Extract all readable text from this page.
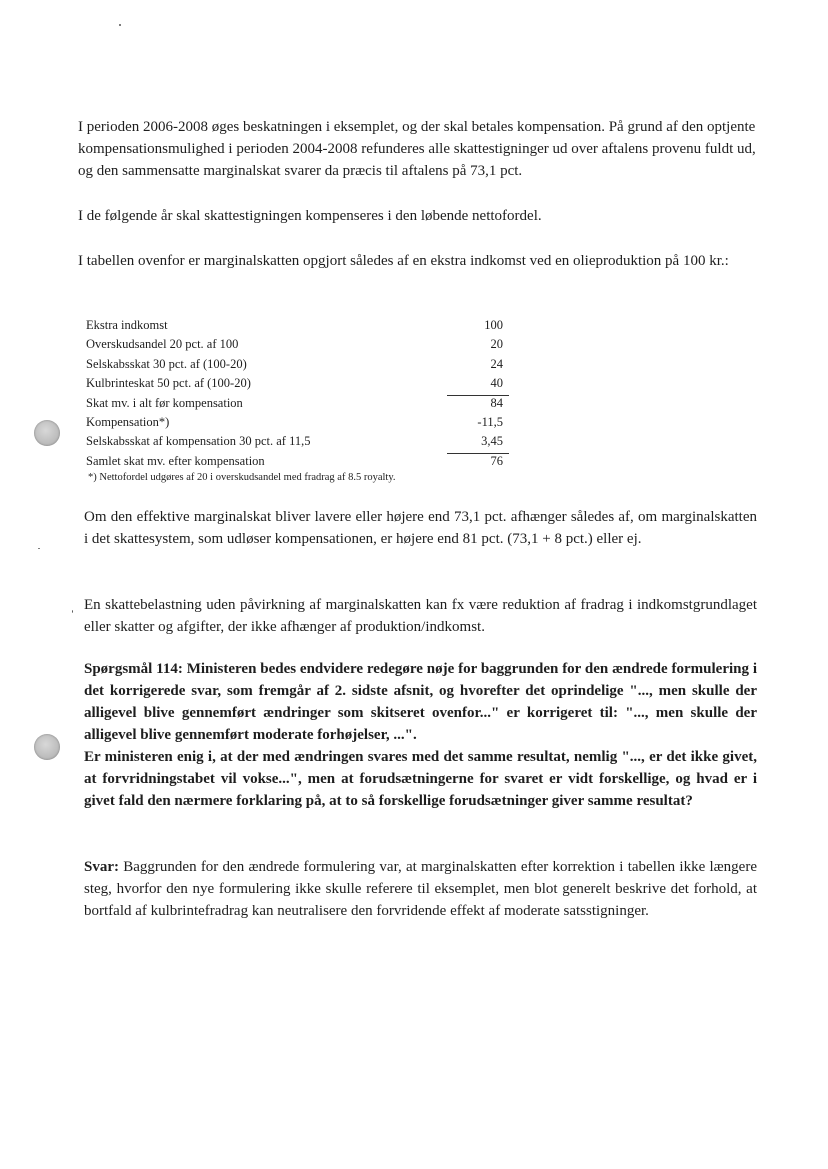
I perioden 2006-2008 øges beskatningen i eksemplet, og der skal betales kompensation. På grund af den optjente kompensationsmulighed i perioden 2004-2008 refunderes alle skattestigninger ud over aftalens provenu fuldt ud, og den sammensatte marginalskat svarer da præcis til aftalens på 73,1 pct.

I de følgende år skal skattestigningen kompenseres i den løbende nettofordel.

I tabellen ovenfor er marginalskatten opgjort således af en ekstra indkomst ved en olieproduktion på 100 kr.:

Ekstra indkomst	100
Overskudsandel 20 pct. af 100	20
Selskabsskat 30 pct. af (100-20)	24
Kulbrinteskat 50 pct. af (100-20)	40
Skat mv. i alt før kompensation	84
Kompensation*)	-11,5
Selskabsskat af kompensation 30 pct. af 11,5	3,45
Samlet skat mv. efter kompensation	76
*) Nettofordel udgøres af 20 i overskudsandel med fradrag af 8.5 royalty.

Om den effektive marginalskat bliver lavere eller højere end 73,1 pct. afhænger således af, om marginalskatten i det skattesystem, som udløser kompensationen, er højere end 81 pct. (73,1 + 8 pct.) eller ej.

En skattebelastning uden påvirkning af marginalskatten kan fx være reduktion af fradrag i indkomstgrundlaget eller skatter og afgifter, der ikke afhænger af produktion/indkomst.

Spørgsmål 114: Ministeren bedes endvidere redegøre nøje for baggrunden for den ændrede formulering i det korrigerede svar, som fremgår af 2. sidste afsnit, og hvorefter det oprindelige "..., men skulle der alligevel blive gennemført ændringer som skitseret ovenfor..." er korrigeret til: "..., men skulle der alligevel blive gennemført moderate forhøjelser, ...".

Er ministeren enig i, at der med ændringen svares med det samme resultat, nemlig "..., er det ikke givet, at forvridningstabet vil vokse...", men at forudsætningerne for svaret er vidt forskellige, og hvad er i givet fald den nærmere forklaring på, at to så forskellige forudsætninger giver samme resultat?

Svar: Baggrunden for den ændrede formulering var, at marginalskatten efter korrektion i tabellen ikke længere steg, hvorfor den nye formulering ikke skulle referere til eksemplet, men blot generelt beskrive det forhold, at bortfald af kulbrintefradrag kan neutralisere den forvridende effekt af moderate satsstigninger.
